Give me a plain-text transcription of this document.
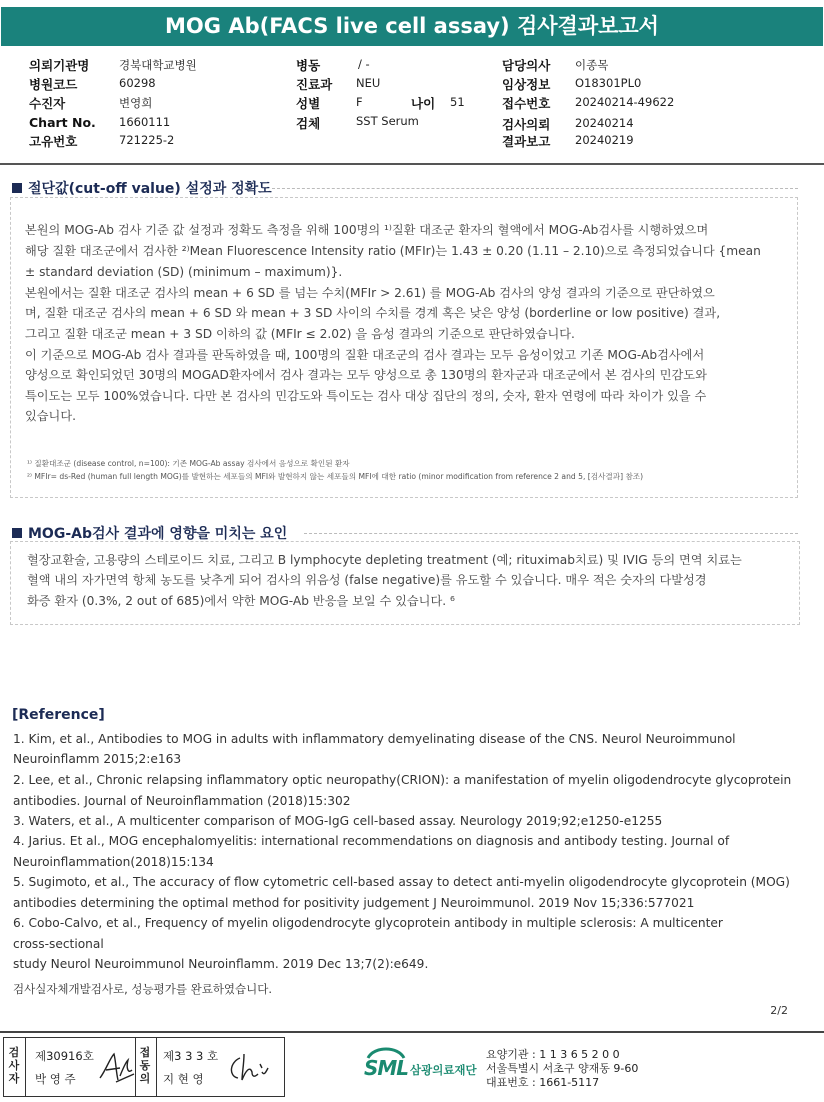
MOG Ab(FACS live cell assay) 검사결과보고서
의뢰기관명	경북대학교병원
병원코드	60298
수진자	변영희
Chart No. 1660111
고유번호	721225-2
병동	/ -
진료과 NEU
성별	F	나이 51
검체	SST Serum
담당의사 이종목
임상정보 O18301PL0
접수번호 20240214-49622
검사의뢰 20240214
결과보고 20240219
절단값(cut-off value) 설정과 정확도
본원의 MOG-Ab 검사 기준 값 설정과 정확도 측정을 위해 100명의 ¹⁾질환 대조군 환자의 혈액에서 MOG-Ab검사를 시행하였으며
해당 질환 대조군에서 검사한 ²⁾Mean Fluorescence Intensity ratio (MFIr)는 1.43 ± 0.20 (1.11 – 2.10)으로 측정되었습니다 {mean
± standard deviation (SD) (minimum – maximum)}.
본원에서는 질환 대조군 검사의 mean + 6 SD 를 넘는 수치(MFIr > 2.61) 를 MOG-Ab 검사의 양성 결과의 기준으로 판단하였으
며, 질환 대조군 검사의 mean + 6 SD 와 mean + 3 SD 사이의 수치를 경계 혹은 낮은 양성 (borderline or low positive) 결과,
그리고 질환 대조군 mean + 3 SD 이하의 값 (MFIr ≤ 2.02) 을 음성 결과의 기준으로 판단하였습니다.
이 기준으로 MOG-Ab 검사 결과를 판독하였을 때, 100명의 질환 대조군의 검사 결과는 모두 음성이었고 기존 MOG-Ab검사에서
양성으로 확인되었던 30명의 MOGAD환자에서 검사 결과는 모두 양성으로 총 130명의 환자군과 대조군에서 본 검사의 민감도와
특이도는 모두 100%였습니다. 다만 본 검사의 민감도와 특이도는 검사 대상 집단의 정의, 숫자, 환자 연령에 따라 차이가 있을 수
있습니다.
¹⁾ 질환대조군 (disease control, n=100): 기존 MOG-Ab assay 검사에서 음성으로 확인된 환자
²⁾ MFIr= ds-Red (human full length MOG)를 발현하는 세포들의 MFI와 발현하지 않는 세포들의 MFI에 대한 ratio (minor modification from reference 2 and 5, [검사결과] 참조)
MOG-Ab검사 결과에 영향을 미치는 요인
혈장교환술, 고용량의 스테로이드 치료, 그리고 B lymphocyte depleting treatment (예; rituximab치료) 및 IVIG 등의 면역 치료는
혈액 내의 자가면역 항체 농도를 낮추게 되어 검사의 위음성 (false negative)를 유도할 수 있습니다. 매우 적은 숫자의 다발성경
화증 환자 (0.3%, 2 out of 685)에서 약한 MOG-Ab 반응을 보일 수 있습니다. ⁶
[Reference]
1. Kim, et al., Antibodies to MOG in adults with inflammatory demyelinating disease of the CNS. Neurol Neuroimmunol
Neuroinflamm 2015;2:e163
2. Lee, et al., Chronic relapsing inflammatory optic neuropathy(CRION): a manifestation of myelin oligodendrocyte glycoprotein
antibodies. Journal of Neuroinflammation (2018)15:302
3. Waters, et al., A multicenter comparison of MOG-IgG cell-based assay. Neurology 2019;92;e1250-e1255
4. Jarius. Et al., MOG encephalomyelitis: international recommendations on diagnosis and antibody testing. Journal of
Neuroinflammation(2018)15:134
5. Sugimoto, et al., The accuracy of flow cytometric cell-based assay to detect anti-myelin oligodendrocyte glycoprotein (MOG)
antibodies determining the optimal method for positivity judgement J Neuroimmunol. 2019 Nov 15;336:577021
6. Cobo-Calvo, et al., Frequency of myelin oligodendrocyte glycoprotein antibody in multiple sclerosis: A multicenter
cross-sectional
study Neurol Neuroimmunol Neuroinflamm. 2019 Dec 13;7(2):e649.
검사실자체개발검사로, 성능평가를 완료하였습니다.
2/2
검사자
제30916호
박 영 주
접동의
제3 3 3 호
지 현 영	SML 삼광의료재단
요양기관 : 1 1 3 6 5 2 0 0
서울특별시 서초구 양재동 9-60
대표번호 : 1661-5117
